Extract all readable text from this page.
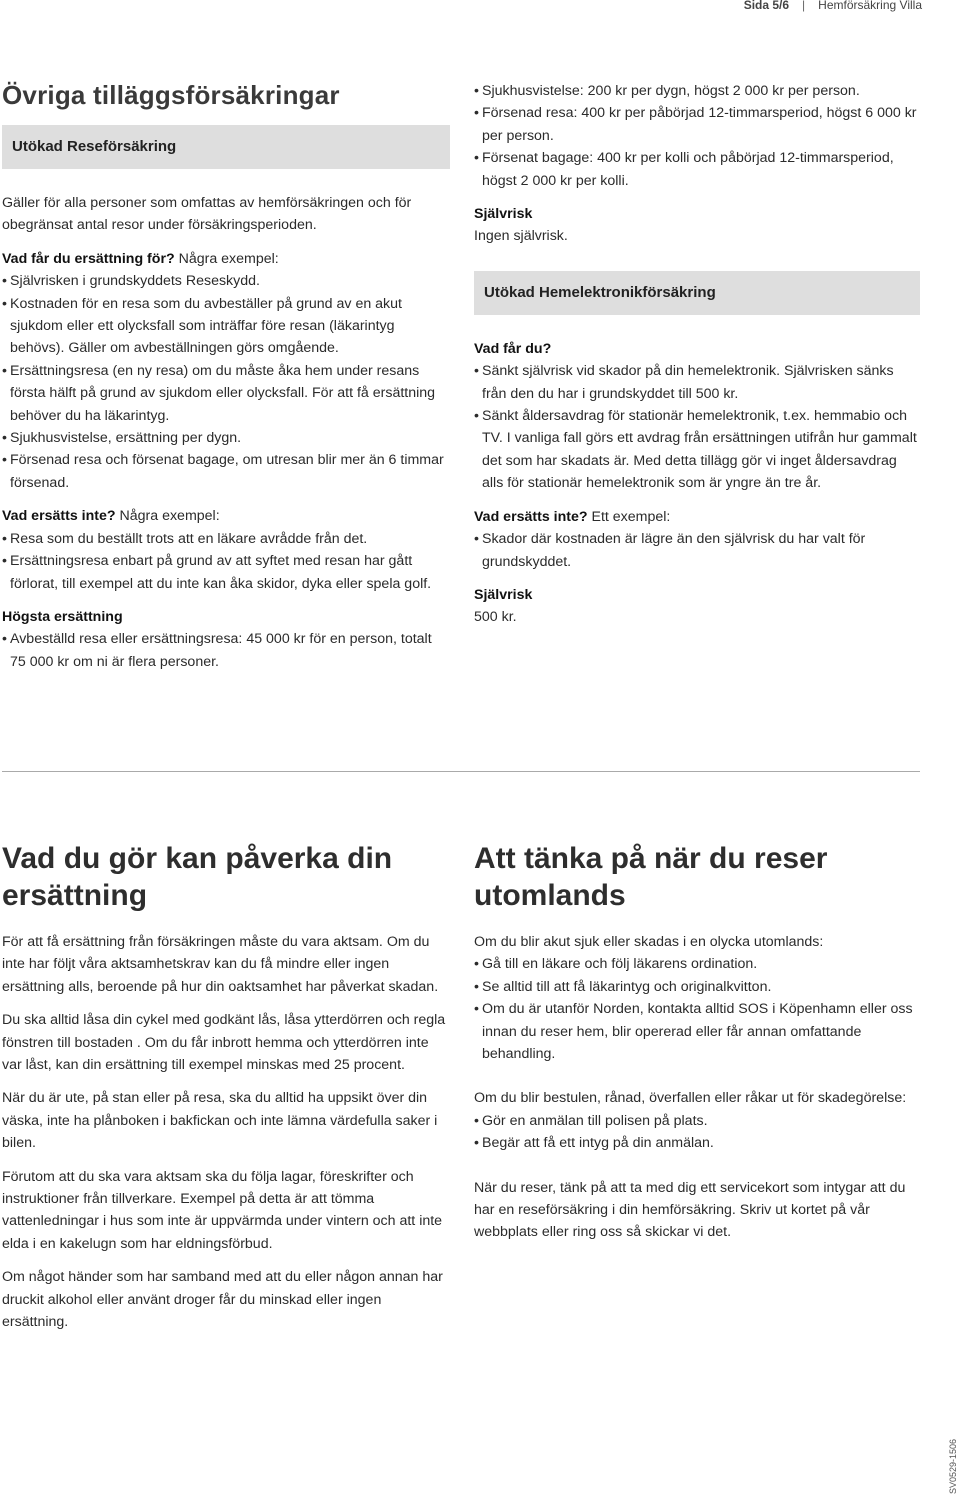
Sida 5/6 | Hemförsäkring Villa
Övriga tilläggsförsäkringar
Utökad Reseförsäkring

Gäller för alla personer som omfattas av hemförsäkringen och för obegränsat antal resor under försäkringsperioden.

Vad får du ersättning för? Några exempel:

• Självrisken i grundskyddets Reseskydd.
• Kostnaden för en resa som du avbeställer på grund av en akut sjukdom eller ett olycksfall som inträffar före resan (läkarintyg behövs). Gäller om avbeställningen görs omgående.
• Ersättningsresa (en ny resa) om du måste åka hem under resans första hälft på grund av sjukdom eller olycksfall. För att få ersättning behöver du ha läkarintyg.
• Sjukhusvistelse, ersättning per dygn.
• Försenad resa och försenat bagage, om utresan blir mer än 6 timmar försenad.

Vad ersätts inte? Några exempel:

• Resa som du beställt trots att en läkare avrådde från det.
• Ersättningsresa enbart på grund av att syftet med resan har gått förlorat, till exempel att du inte kan åka skidor, dyka eller spela golf.

Högsta ersättning

• Avbeställd resa eller ersättningsresa: 45 000 kr för en person, totalt 75 000 kr om ni är flera personer.
• Sjukhusvistelse: 200 kr per dygn, högst 2 000 kr per person.
• Försenad resa: 400 kr per påbörjad 12-timmarsperiod, högst 6 000 kr per person.
• Försenat bagage: 400 kr per kolli och påbörjad 12-timmarsperiod, högst 2 000 kr per kolli.

Självrisk

Ingen självrisk.

Utökad Hemelektronikförsäkring

Vad får du?

• Sänkt självrisk vid skador på din hemelektronik. Självrisken sänks från den du har i grundskyddet till 500 kr.
• Sänkt åldersavdrag för stationär hemelektronik, t.ex. hemmabio och TV. I vanliga fall görs ett avdrag från ersättningen utifrån hur gammalt det som har skadats är. Med detta tillägg gör vi inget åldersavdrag alls för stationär hemelektronik som är yngre än tre år.

Vad ersätts inte? Ett exempel:

• Skador där kostnaden är lägre än den självrisk du har valt för grundskyddet.

Självrisk

500 kr.

Vad du gör kan påverka din ersättning

För att få ersättning från försäkringen måste du vara aktsam. Om du inte har följt våra aktsamhetskrav kan du få mindre eller ingen ersättning alls, beroende på hur din oaktsamhet har påverkat skadan.

Du ska alltid låsa din cykel med godkänt lås, låsa ytterdörren och regla fönstren till bostaden . Om du får inbrott hemma och ytterdörren inte var låst, kan din ersättning till exempel minskas med 25 procent.

När du är ute, på stan eller på resa, ska du alltid ha uppsikt över din väska, inte ha plånboken i bakfickan och inte lämna värdefulla saker i bilen.

Förutom att du ska vara aktsam ska du följa lagar, föreskrifter och instruktioner från tillverkare. Exempel på detta är att tömma vattenledningar i hus som inte är uppvärmda under vintern och att inte elda i en kakelugn som har eldningsförbud.

Om något händer som har samband med att du eller någon annan har druckit alkohol eller använt droger får du minskad eller ingen ersättning.

Att tänka på när du reser utomlands

Om du blir akut sjuk eller skadas i en olycka utomlands:

• Gå till en läkare och följ läkarens ordination.
• Se alltid till att få läkarintyg och originalkvitton.
• Om du är utanför Norden, kontakta alltid SOS i Köpenhamn eller oss innan du reser hem, blir opererad eller får annan omfattande behandling.

Om du blir bestulen, rånad, överfallen eller råkar ut för skadegörelse:

• Gör en anmälan till polisen på plats.
• Begär att få ett intyg på din anmälan.

När du reser, tänk på att ta med dig ett servicekort som intygar att du har en reseförsäkring i din hemförsäkring. Skriv ut kortet på vår webbplats eller ring oss så skickar vi det.

SV0529-1506
